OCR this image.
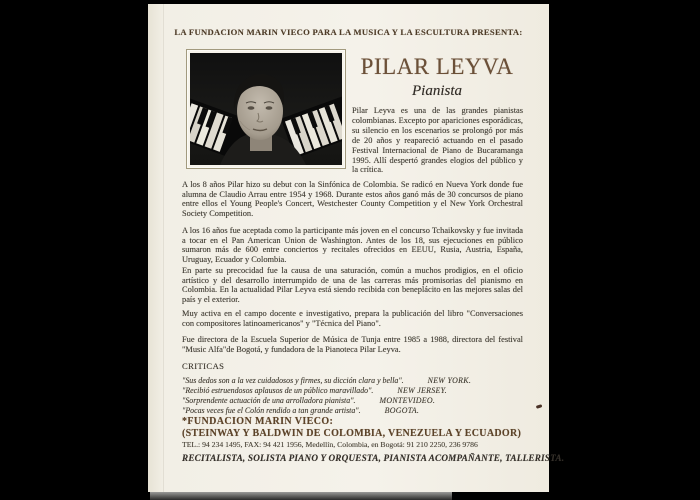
LA FUNDACION MARIN VIECO PARA LA MUSICA Y LA ESCULTURA PRESENTA:
PILAR LEYVA
Pianista
Pilar Leyva es una de las grandes pianistas colombianas. Excepto por apariciones esporádicas, su silencio en los escenarios se prolongó por más de 20 años y reapareció actuando en el pasado Festival Internacional de Piano de Bucaramanga 1995. Allí despertó grandes elogios del público y la crítica.
A los 8 años Pilar hizo su debut con la Sinfónica de Colombia. Se radicó en Nueva York donde fue alumna de Claudio Arrau entre 1954 y 1968. Durante estos años ganó más de 30 concursos de piano entre ellos el Young People's Concert, Westchester County Competition y el New York Orchestral Society Competition.
A los 16 años fue aceptada como la participante más joven en el concurso Tchaikovsky y fue invitada a tocar en el Pan American Union de Washington. Antes de los 18, sus ejecuciones en público sumaron más de 600 entre conciertos y recitales ofrecidos en EEUU, Rusia, Austria, España, Uruguay, Ecuador y Colombia.
En parte su precocidad fue la causa de una saturación, común a muchos prodigios, en el oficio artístico y del desarrollo interrumpido de una de las carreras más promisorias del pianismo en Colombia. En la actualidad Pilar Leyva está siendo recibida con beneplácito en las mejores salas del país y el exterior.
Muy activa en el campo docente e investigativo, prepara la publicación del libro "Conversaciones con compositores latinoamericanos" y "Técnica del Piano".
Fue directora de la Escuela Superior de Música de Tunja entre 1985 a 1988, directora del festival "Music Alfa"de Bogotá, y fundadora de la Pianoteca Pilar Leyva.
CRITICAS
"Sus dedos son a la vez cuidadosos y firmes, su dicción clara y bella".	NEW YORK.
"Recibió estruendosos aplausos de un público maravillado".	NEW JERSEY.
"Sorprendente actuación de una arrolladora pianista".	MONTEVIDEO.
"Pocas veces fue el Colón rendido a tan grande artista".	BOGOTA.
*FUNDACION MARIN VIECO:
(STEINWAY Y BALDWIN DE COLOMBIA, VENEZUELA Y ECUADOR)
TEL.: 94 234 1495, FAX: 94 421 1956, Medellín, Colombia, en Bogotá: 91 210 2250, 236 9786
RECITALISTA, SOLISTA PIANO Y ORQUESTA, PIANISTA ACOMPAÑANTE, TALLERISTA.
